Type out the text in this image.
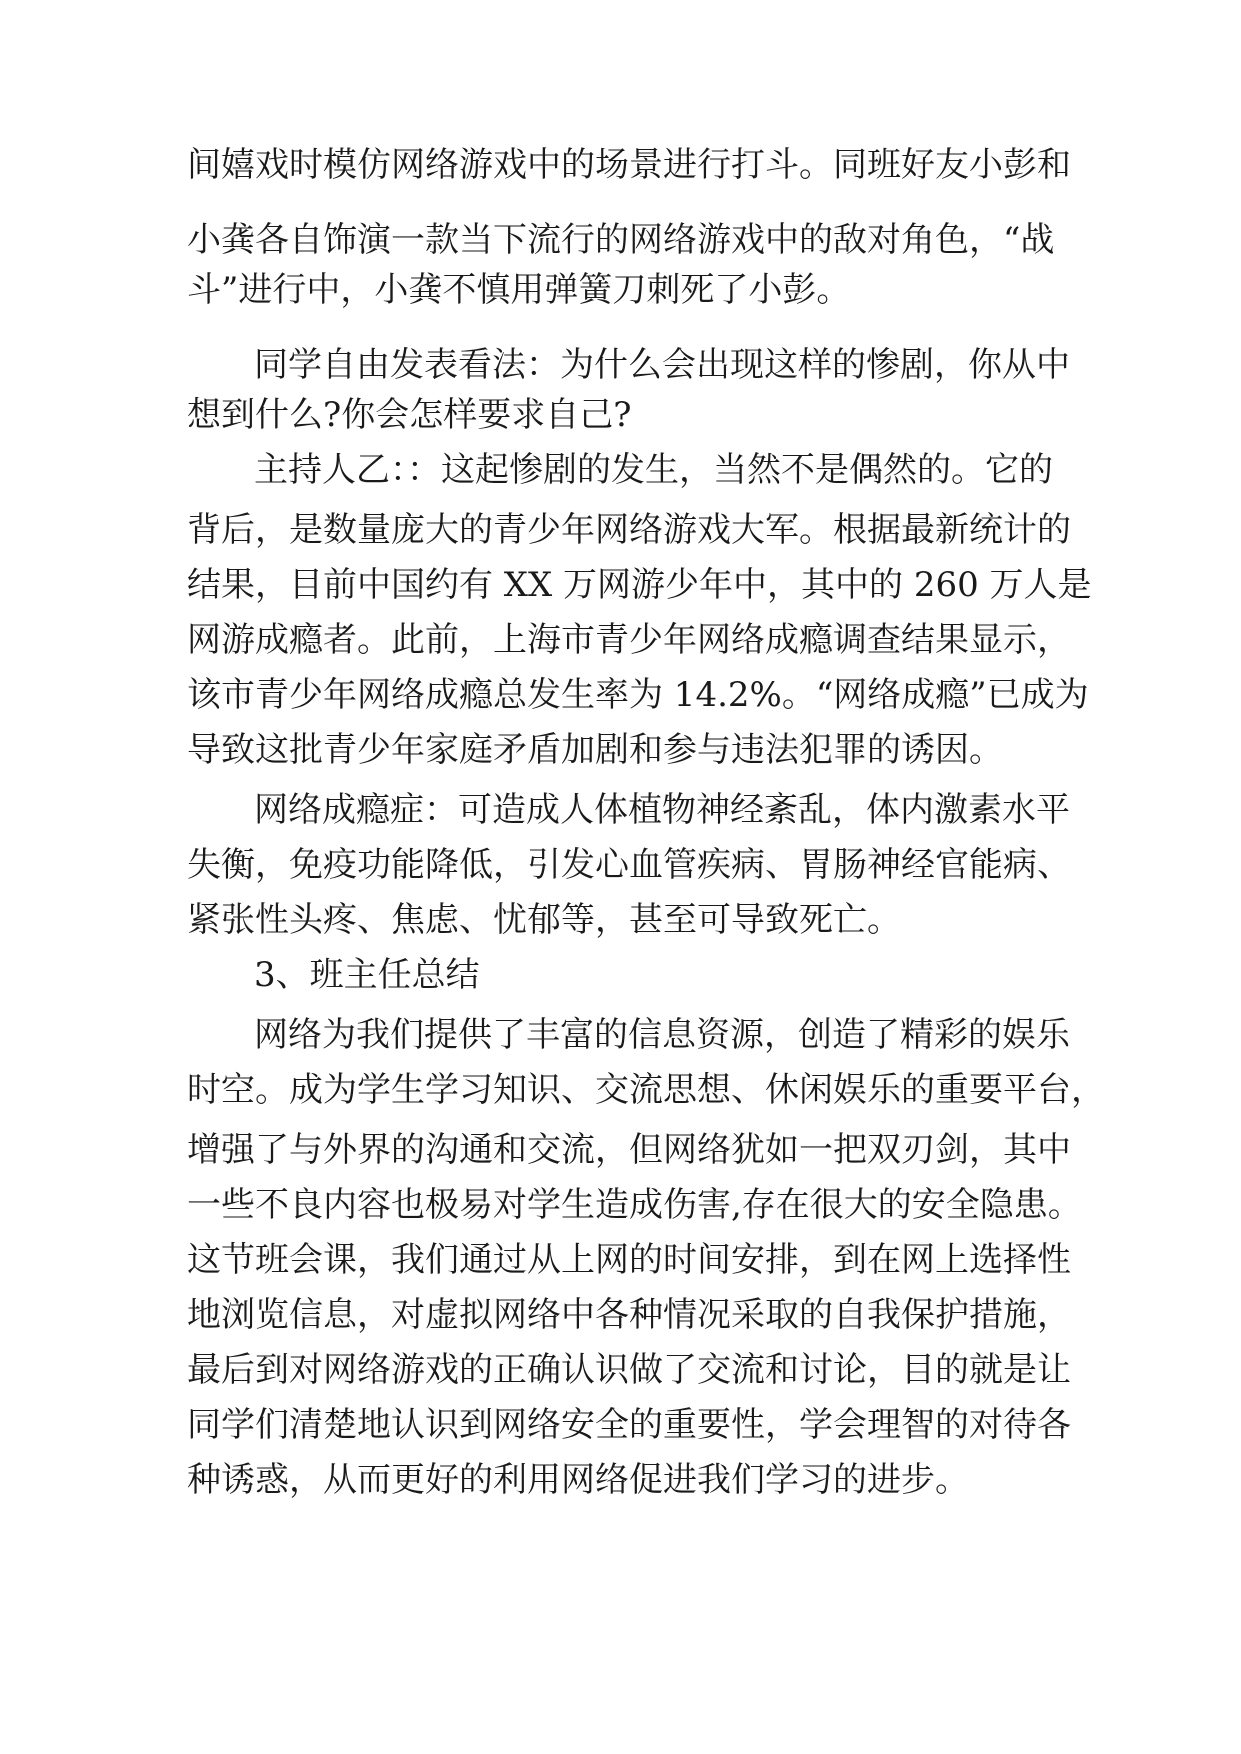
间嬉戏时模仿网络游戏中的场景进行打斗。同班好友小彭和

小龚各自饰演一款当下流行的网络游戏中的敌对角色，“战

斗”进行中，小龚不慎用弹簧刀刺死了小彭。

同学自由发表看法：为什么会出现这样的惨剧，你从中

想到什么?你会怎样要求自己?

主持人乙：：这起惨剧的发生，当然不是偶然的。它的

背后，是数量庞大的青少年网络游戏大军。根据最新统计的

结果，目前中国约有 XX 万网游少年中，其中的 260 万人是

网游成瘾者。此前，上海市青少年网络成瘾调查结果显示，

该市青少年网络成瘾总发生率为 14.2%。“网络成瘾”已成为

导致这批青少年家庭矛盾加剧和参与违法犯罪的诱因。

网络成瘾症：可造成人体植物神经紊乱，体内激素水平

失衡，免疫功能降低，引发心血管疾病、胃肠神经官能病、

紧张性头疼、焦虑、忧郁等，甚至可导致死亡。

3、班主任总结

网络为我们提供了丰富的信息资源，创造了精彩的娱乐

时空。成为学生学习知识、交流思想、休闲娱乐的重要平台，

增强了与外界的沟通和交流，但网络犹如一把双刃剑，其中

一些不良内容也极易对学生造成伤害,存在很大的安全隐患。

这节班会课，我们通过从上网的时间安排，到在网上选择性

地浏览信息，对虚拟网络中各种情况采取的自我保护措施，

最后到对网络游戏的正确认识做了交流和讨论，目的就是让

同学们清楚地认识到网络安全的重要性，学会理智的对待各

种诱惑，从而更好的利用网络促进我们学习的进步。
